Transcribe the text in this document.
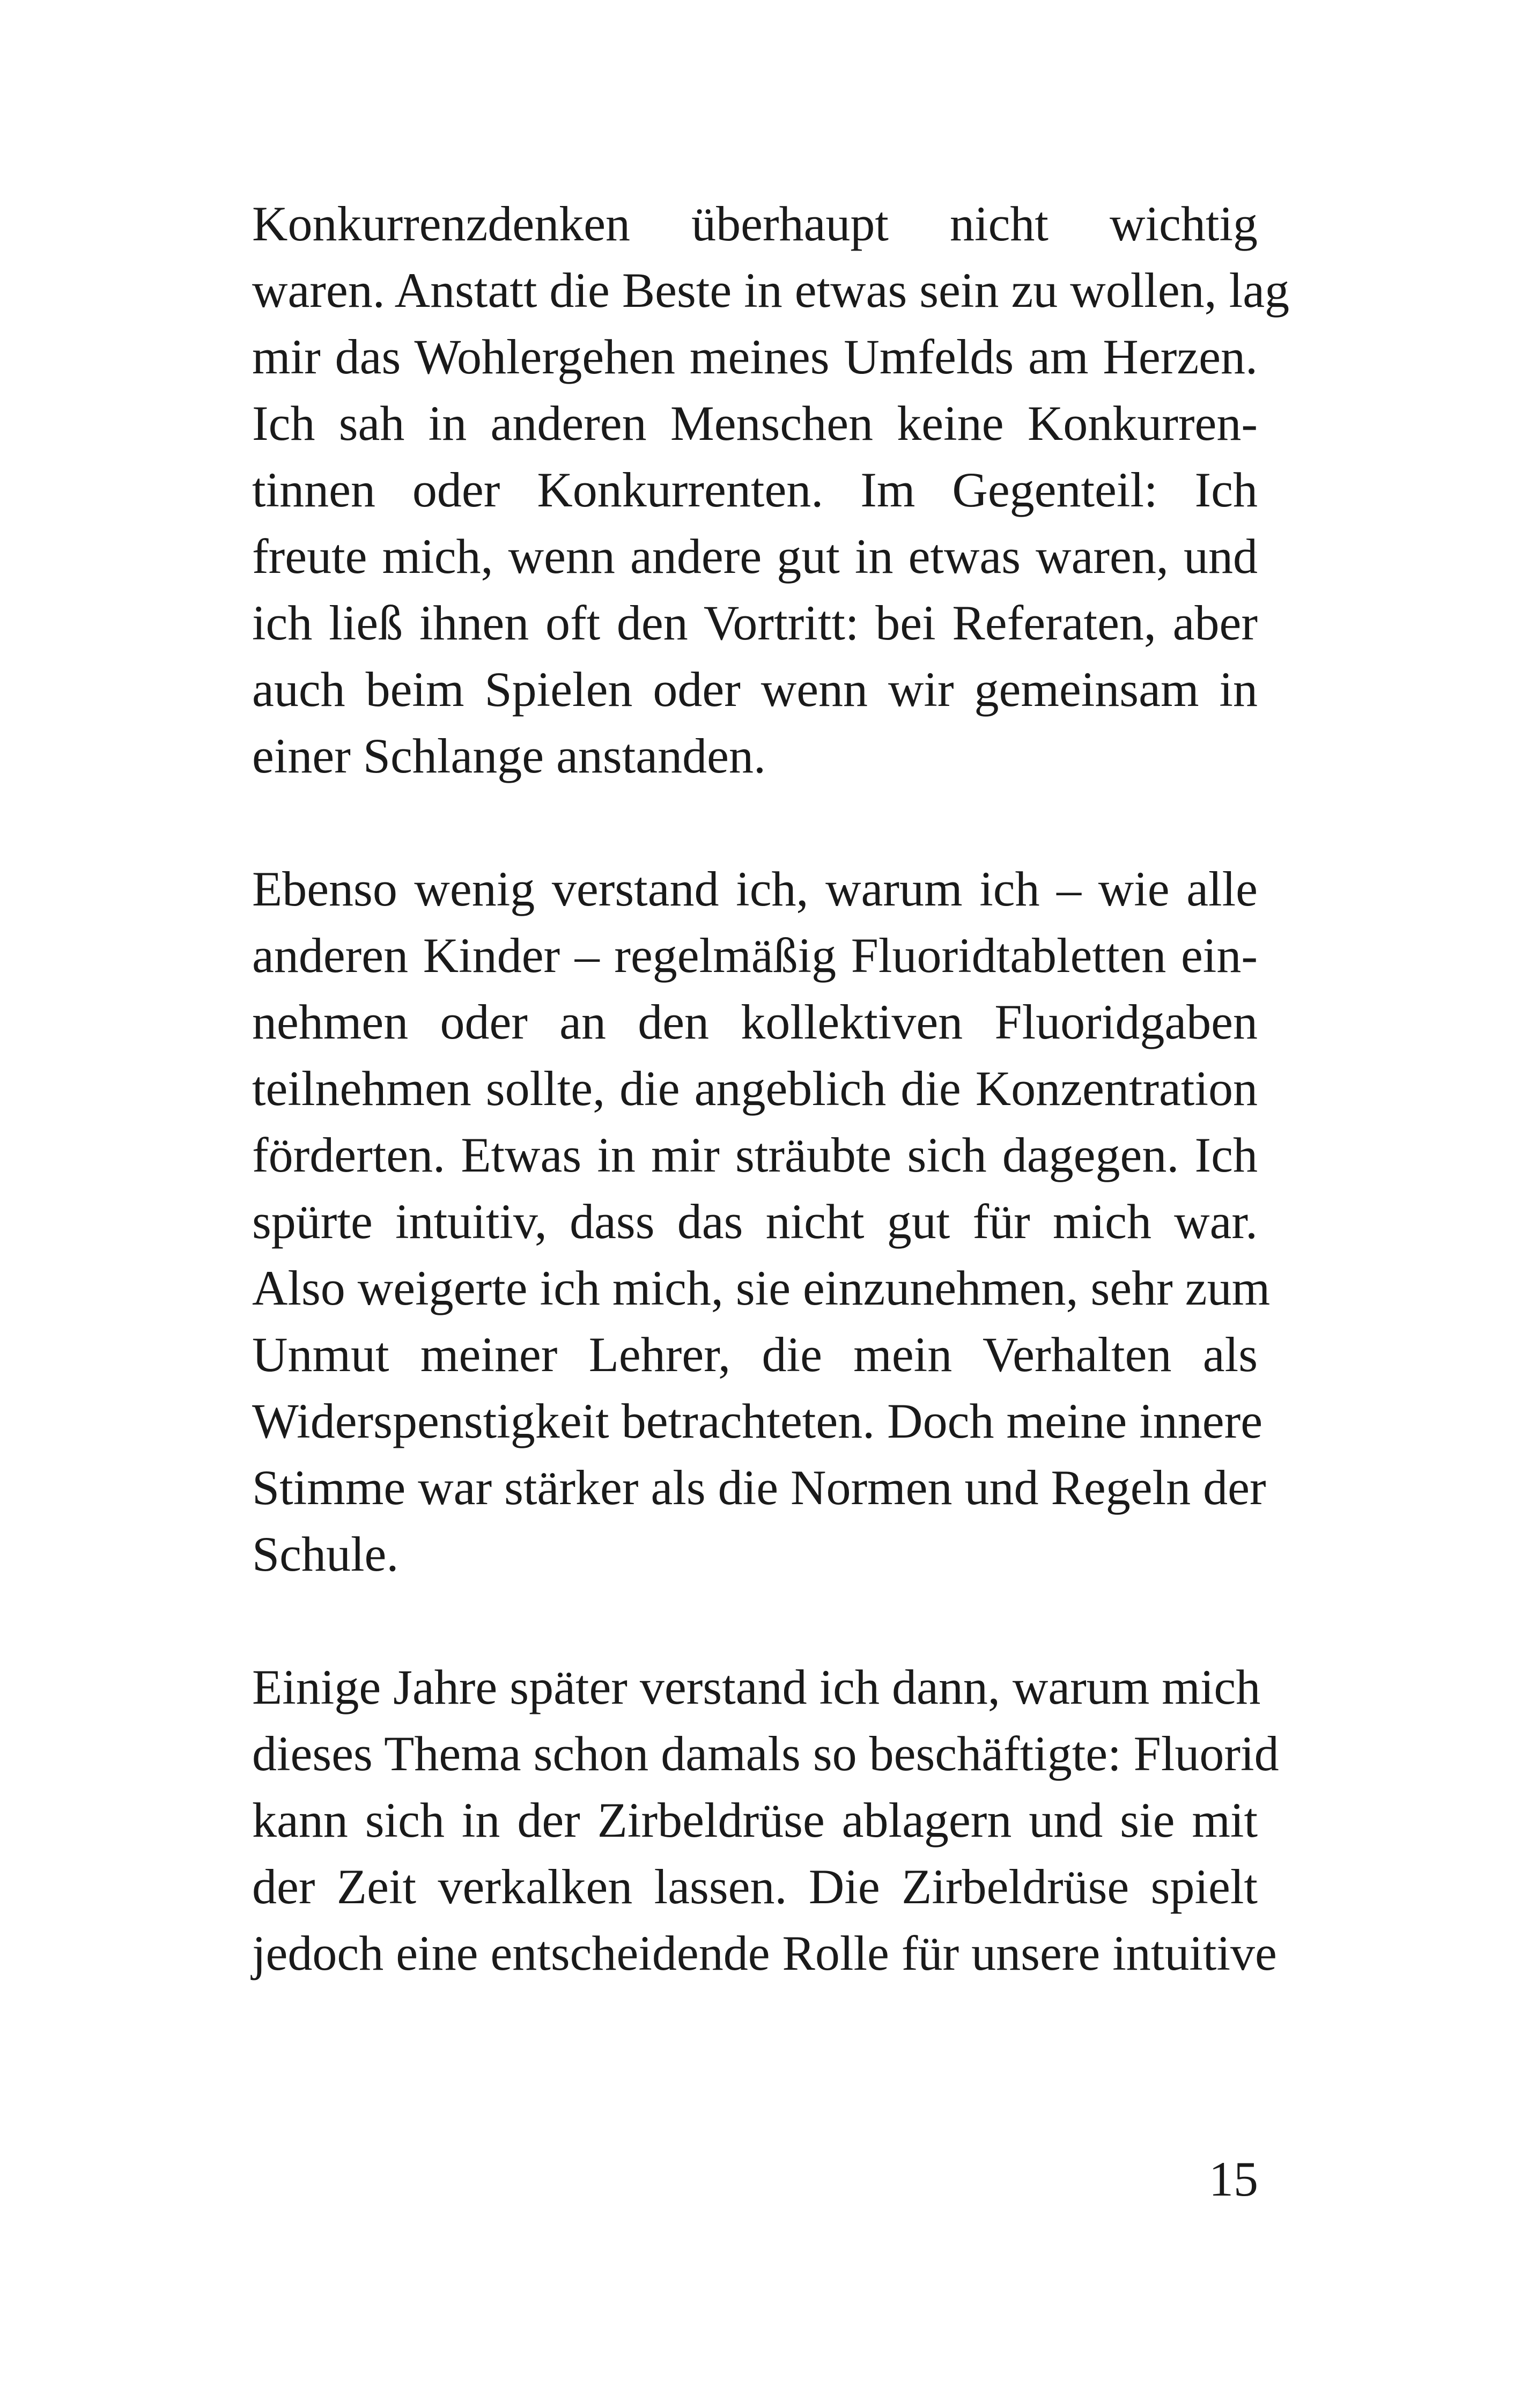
Konkurrenzdenken überhaupt nicht wichtig
waren. Anstatt die Beste in etwas sein zu wollen, lag
mir das Wohlergehen meines Umfelds am Herzen.
Ich sah in anderen Menschen keine Konkurren-
tinnen oder Konkurrenten. Im Gegenteil: Ich
freute mich, wenn andere gut in etwas waren, und
ich ließ ihnen oft den Vortritt: bei Referaten, aber
auch beim Spielen oder wenn wir gemeinsam in
einer Schlange anstanden.

Ebenso wenig verstand ich, warum ich – wie alle
anderen Kinder – regelmäßig Fluoridtabletten ein-
nehmen oder an den kollektiven Fluoridgaben
teilnehmen sollte, die angeblich die Konzentration
förderten. Etwas in mir sträubte sich dagegen. Ich
spürte intuitiv, dass das nicht gut für mich war.
Also weigerte ich mich, sie einzunehmen, sehr zum
Unmut meiner Lehrer, die mein Verhalten als
Widerspenstigkeit betrachteten. Doch meine innere
Stimme war stärker als die Normen und Regeln der
Schule.

Einige Jahre später verstand ich dann, warum mich
dieses Thema schon damals so beschäftigte: Fluorid
kann sich in der Zirbeldrüse ablagern und sie mit
der Zeit verkalken lassen. Die Zirbeldrüse spielt
jedoch eine entscheidende Rolle für unsere intuitive

15
